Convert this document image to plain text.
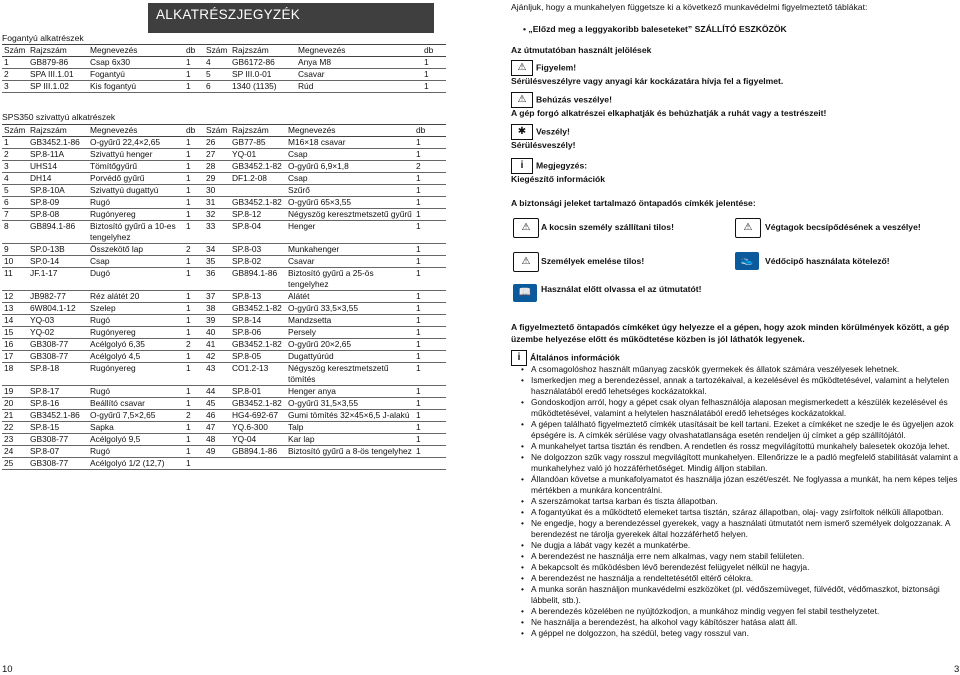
ALKATRÉSZJEGYZÉK
Fogantyú alkatrészek
Szám	Rajzszám	Megnevezés	db	Szám	Rajzszám	Megnevezés	db
1	GB879-86	Csap 6x30	1	4	GB6172-86	Anya M8	1
2	SPA III.1.01	Fogantyú	1	5	SP III.0-01	Csavar	1
3	SP III.1.02	Kis fogantyú	1	6	1340 (1135)	Rúd	1
SPS350 szivattyú alkatrészek
Szám	Rajzszám	Megnevezés	db	Szám	Rajzszám	Megnevezés	db
1	GB3452.1-86	O-gyűrű 22,4×2,65	1	26	GB77-85	M16×18 csavar	1
2	SP.8-11A	Szivattyú henger	1	27	YQ-01	Csap	1
3	UHS14	Tömítőgyűrű	1	28	GB3452.1-82	O-gyűrű 6,9×1,8	2
4	DH14	Porvédő gyűrű	1	29	DF1.2-08	Csap	1
5	SP.8-10A	Szivattyú dugattyú	1	30		Szűrő	1
6	SP.8-09	Rugó	1	31	GB3452.1-82	O-gyűrű 65×3,55	1
7	SP.8-08	Rugónyereg	1	32	SP.8-12	Négyszög keresztmetszetű gyűrű	1
8	GB894.1-86	Biztosító gyűrű a 10-es tengelyhez	1	33	SP.8-04	Henger	1
9	SP.0-13B	Összekötő lap	2	34	SP.8-03	Munkahenger	1
10	SP.0-14	Csap	1	35	SP.8-02	Csavar	1
11	JF.1-17	Dugó	1	36	GB894.1-86	Biztosító gyűrű a 25-ös tengelyhez	1
12	JB982-77	Réz alátét 20	1	37	SP.8-13	Alátét	1
13	6W804.1-12	Szelep	1	38	GB3452.1-82	O-gyűrű 33,5×3,55	1
14	YQ-03	Rugó	1	39	SP.8-14	Mandzsetta	1
15	YQ-02	Rugónyereg	1	40	SP.8-06	Persely	1
16	GB308-77	Acélgolyó 6,35	2	41	GB3452.1-82	O-gyűrű 20×2,65	1
17	GB308-77	Acélgolyó 4,5	1	42	SP.8-05	Dugattyúrúd	1
18	SP.8-18	Rugónyereg	1	43	CO1.2-13	Négyszög keresztmetszetű tömítés	1
19	SP.8-17	Rugó	1	44	SP.8-01	Henger anya	1
20	SP.8-16	Beállító csavar	1	45	GB3452.1-82	O-gyűrű 31,5×3,55	1
21	GB3452.1-86	O-gyűrű 7,5×2,65	2	46	HG4-692-67	Gumi tömítés 32×45×6,5 J-alakú	1
22	SP.8-15	Sapka	1	47	YQ.6-300	Talp	1
23	GB308-77	Acélgolyó 9,5	1	48	YQ-04	Kar lap	1
24	SP.8-07	Rugó	1	49	GB894.1-86	Biztosító gyűrű a 8-ös tengelyhez	1
25	GB308-77	Acélgolyó 1/2 (12,7)	1				
10
Ajánljuk, hogy a munkahelyen függetsze ki a következő munkavédelmi figyelmeztető táblákat:
• „Előzd meg a leggyakoribb baleseteket” SZÁLLÍTÓ ESZKÖZÖK
Az útmutatóban használt jelölések
⚠ Figyelem!
Sérülésveszélyre vagy anyagi kár kockázatára hívja fel a figyelmet.
⚠ Behúzás veszélye!
A gép forgó alkatrészei elkaphatják és behúzhatják a ruhát vagy a testrészeit!
✱ Veszély!
Sérülésveszély!
i Megjegyzés:
Kiegészítő információk
A biztonsági jeleket tartalmazó öntapadós címkék jelentése:
⚠	A kocsin személy szállítani tilos!	⚠	Végtagok becsípődésének a veszélye!
⚠	Személyek emelése tilos!	👟	Védőcipő használata kötelező!
📖	Használat előtt olvassa el az útmutatót!
A figyelmeztető öntapadós címkéket úgy helyezze el a gépen, hogy azok minden körülmények között, a gép üzembe helyezése előtt és működtetése közben is jól láthatók legyenek.
i Általános információk
• A csomagolóshoz használt műanyag zacskók gyermekek és állatok számára veszélyesek lehetnek.
• Ismerkedjen meg a berendezéssel, annak a tartozékaival, a kezelésével és működtetésével, valamint a helytelen használatából eredő lehetséges kockázatokkal.
• Gondoskodjon arról, hogy a gépet csak olyan felhasználója alaposan megismerkedett a készülék kezelésével és működtetésével, valamint a helytelen használatából eredő lehetséges kockázatokkal.
• A gépen található figyelmeztető címkék utasításait be kell tartani. Ezeket a címkéket ne szedje le és ügyeljen azok épségére is. A címkék sérülése vagy olvashatatlansága esetén rendeljen új címket a gép szállítójától.
• A munkahelyet tartsa tisztán és rendben. A rendetlen és rossz megvilágítottú munkahely balesetek okozója lehet.
• Ne dolgozzon szűk vagy rosszul megvilágított munkahelyen. Ellenőrizze le a padló megfelelő stabilitását valamint a munkahelyhez való jó hozzáférhetőséget. Mindig álljon stabilan.
• Állandóan követse a munkafolyamatot és használja józan eszét/eszét. Ne foglyassa a munkát, ha nem képes teljes mértékben a munkára koncentrálni.
• A szerszámokat tartsa karban és tiszta állapotban.
• A fogantyúkat és a működtető elemeket tartsa tisztán, száraz állapotban, olaj- vagy zsírfoltok nélküli állapotban.
• Ne engedje, hogy a berendezéssel gyerekek, vagy a használati útmutatót nem ismerő személyek dolgozzanak. A berendezést ne tárolja gyerekek által hozzáférhető helyen.
• Ne dugja a lábát vagy kezét a munkatérbe.
• A berendezést ne használja erre nem alkalmas, vagy nem stabil felületen.
• A bekapcsolt és működésben lévő berendezést felügyelet nélkül ne hagyja.
• A berendezést ne használja a rendeltetésétől eltérő célokra.
• A munka során használjon munkavédelmi eszközöket (pl. védőszemüveget, fülvédőt, védőmaszkot, biztonsági lábbelit, stb.).
• A berendezés közelében ne nyújtózkodjon, a munkához mindig vegyen fel stabil testhelyzetet.
• Ne használja a berendezést, ha alkohol vagy kábítószer hatása alatt áll.
• A géppel ne dolgozzon, ha szédül, beteg vagy rosszul van.
3
